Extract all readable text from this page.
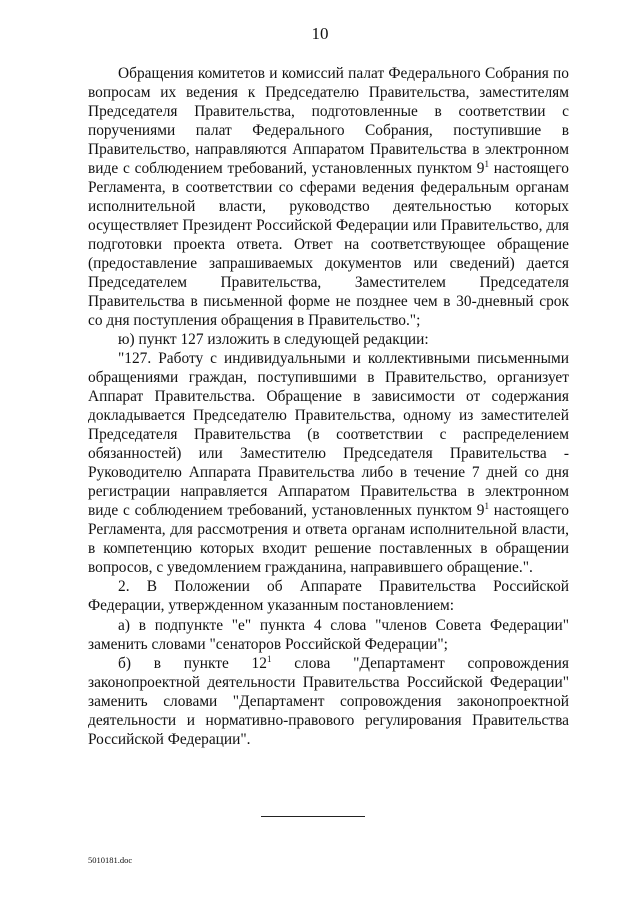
10

Обращения комитетов и комиссий палат Федерального Собрания по вопросам их ведения к Председателю Правительства, заместителям Председателя Правительства, подготовленные в соответствии с поручениями палат Федерального Собрания, поступившие в Правительство, направляются Аппаратом Правительства в электронном виде с соблюдением требований, установленных пунктом $9^1$ настоящего Регламента, в соответствии со сферами ведения федеральным органам исполнительной власти, руководство деятельностью которых осуществляет Президент Российской Федерации или Правительство, для подготовки проекта ответа. Ответ на соответствующее обращение (предоставление запрашиваемых документов или сведений) дается Председателем Правительства, Заместителем Председателя Правительства в письменной форме не позднее чем в 30-дневный срок со дня поступления обращения в Правительство.";

ю) пункт 127 изложить в следующей редакции:

"127. Работу с индивидуальными и коллективными письменными обращениями граждан, поступившими в Правительство, организует Аппарат Правительства. Обращение в зависимости от содержания докладывается Председателю Правительства, одному из заместителей Председателя Правительства (в соответствии с распределением обязанностей) или Заместителю Председателя Правительства - Руководителю Аппарата Правительства либо в течение 7 дней со дня регистрации направляется Аппаратом Правительства в электронном виде с соблюдением требований, установленных пунктом $9^1$ настоящего Регламента, для рассмотрения и ответа органам исполнительной власти, в компетенцию которых входит решение поставленных в обращении вопросов, с уведомлением гражданина, направившего обращение.".

2. В Положении об Аппарате Правительства Российской Федерации, утвержденном указанным постановлением:

а) в подпункте "е" пункта 4 слова "членов Совета Федерации" заменить словами "сенаторов Российской Федерации";

б) в пункте $12^1$ слова "Департамент сопровождения законопроектной деятельности Правительства Российской Федерации" заменить словами "Департамент сопровождения законопроектной деятельности и нормативно-правового регулирования Правительства Российской Федерации".

5010181.doc
